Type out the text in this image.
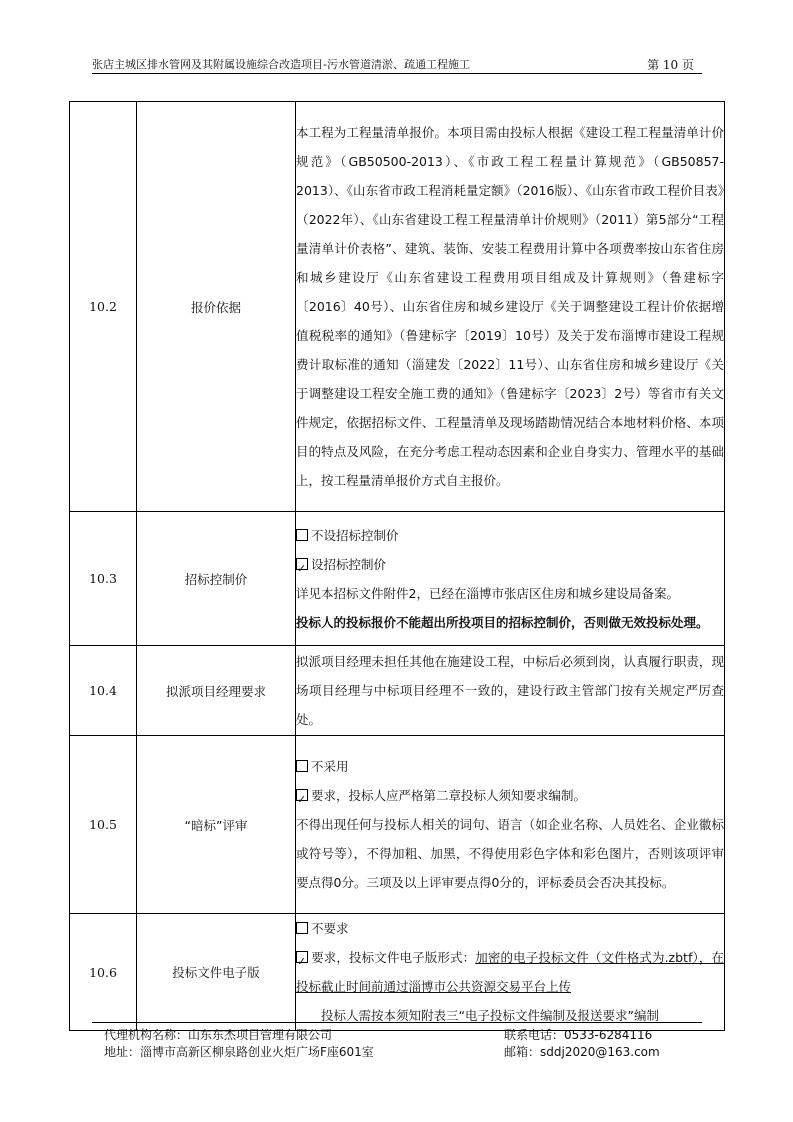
张店主城区排水管网及其附属设施综合改造项目-污水管道清淤、疏通工程施工	第 10 页
10.2	报价依据	本工程为工程量清单报价。本项目需由投标人根据《建设工程工程量清单计价规范》（GB50500-2013）、《市政工程工程量计算规范》（GB50857-2013）、《山东省市政工程消耗量定额》（2016版）、《山东省市政工程价目表》（2022年）、《山东省建设工程工程量清单计价规则》（2011）第5部分“工程量清单计价表格”、建筑、装饰、安装工程费用计算中各项费率按山东省住房和城乡建设厅《山东省建设工程费用项目组成及计算规则》（鲁建标字〔2016〕40号）、山东省住房和城乡建设厅《关于调整建设工程计价依据增值税税率的通知》（鲁建标字〔2019〕10号）及关于发布淄博市建设工程规费计取标准的通知（淄建发〔2022〕11号）、山东省住房和城乡建设厅《关于调整建设工程安全施工费的通知》（鲁建标字〔2023〕2号）等省市有关文件规定，依据招标文件、工程量清单及现场踏勘情况结合本地材料价格、本项目的特点及风险，在充分考虑工程动态因素和企业自身实力、管理水平的基础上，按工程量清单报价方式自主报价。

10.3	招标控制价	不设招标控制价

✓设招标控制价

详见本招标文件附件2，已经在淄博市张店区住房和城乡建设局备案。

投标人的投标报价不能超出所投项目的招标控制价，否则做无效投标处理。

10.4	拟派项目经理要求	拟派项目经理未担任其他在施建设工程，中标后必须到岗，认真履行职责，现场项目经理与中标项目经理不一致的，建设行政主管部门按有关规定严厉查处。

10.5	“暗标”评审	不采用

✓要求，投标人应严格第二章投标人须知要求编制。

不得出现任何与投标人相关的词句、语言（如企业名称、人员姓名、企业徽标或符号等），不得加粗、加黑，不得使用彩色字体和彩色图片，否则该项评审要点得0分。三项及以上评审要点得0分的，评标委员会否决其投标。

10.6	投标文件电子版	不要求

✓要求，投标文件电子版形式：加密的电子投标文件（文件格式为.zbtf），在投标截止时间前通过淄博市公共资源交易平台上传

投标人需按本须知附表三“电子投标文件编制及报送要求”编制

代理机构名称：山东东杰项目管理有限公司	联系电话：0533-6284116
地址：淄博市高新区柳泉路创业火炬广场F座601室	邮箱：sddj2020@163.com
